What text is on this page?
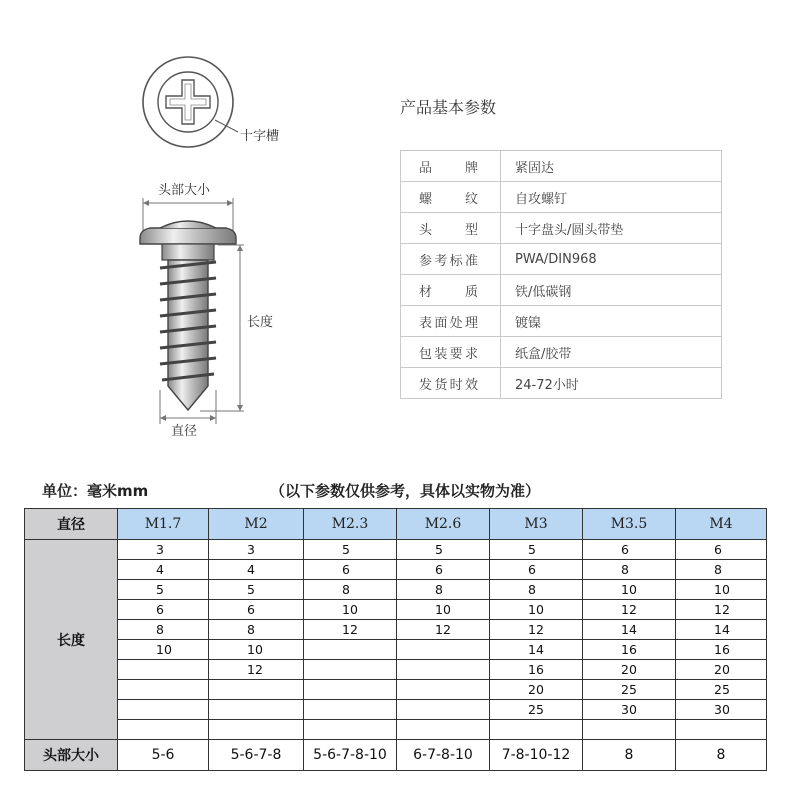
十字槽
头部大小
长度
直径
产品基本参数
品牌	紧固达
螺纹	自攻螺钉
头型	十字盘头/圆头带垫
参考标准	PWA/DIN968
材质	铁/低碳钢
表面处理	镀镍
包装要求	纸盒/胶带
发货时效	24-72小时
单位：毫米mm	（以下参数仅供参考，具体以实物为准）
直径	M1.7	M2	M2.3	M2.6	M3	M3.5	M4
长度	3	3	5	5	5	6	6
	4	4	6	6	6	8	8
	5	5	8	8	8	10	10
	6	6	10	10	10	12	12
	8	8	12	12	12	14	14
	10	10			14	16	16
		12			16	20	20
					20	25	25
					25	30	30

头部大小	5-6	5-6-7-8	5-6-7-8-10	6-7-8-10	7-8-10-12	8	8
